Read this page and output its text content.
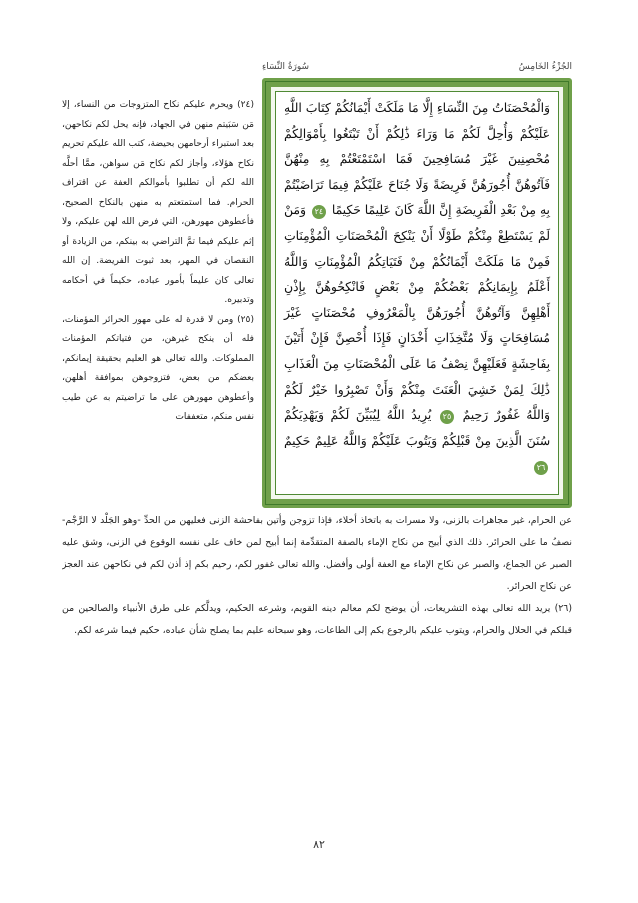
الجُزْءُ الخَامِسُ
سُورَةُ النِّسَاءِ
وَالْمُحْصَنَاتُ مِنَ النِّسَاءِ إِلَّا مَا مَلَكَتْ أَيْمَانُكُمْ كِتَابَ اللَّهِ عَلَيْكُمْ وَأُحِلَّ لَكُمْ مَا وَرَاءَ ذَٰلِكُمْ أَنْ تَبْتَغُوا بِأَمْوَالِكُمْ مُحْصِنِينَ غَيْرَ مُسَافِحِينَ فَمَا اسْتَمْتَعْتُمْ بِهِ مِنْهُنَّ فَآتُوهُنَّ أُجُورَهُنَّ فَرِيضَةً وَلَا جُنَاحَ عَلَيْكُمْ فِيمَا تَرَاضَيْتُمْ بِهِ مِنْ بَعْدِ الْفَرِيضَةِ إِنَّ اللَّهَ كَانَ عَلِيمًا حَكِيمًا ٢٤ وَمَنْ لَمْ يَسْتَطِعْ مِنْكُمْ طَوْلًا أَنْ يَنْكِحَ الْمُحْصَنَاتِ الْمُؤْمِنَاتِ فَمِنْ مَا مَلَكَتْ أَيْمَانُكُمْ مِنْ فَتَيَاتِكُمُ الْمُؤْمِنَاتِ وَاللَّهُ أَعْلَمُ بِإِيمَانِكُمْ بَعْضُكُمْ مِنْ بَعْضٍ فَانْكِحُوهُنَّ بِإِذْنِ أَهْلِهِنَّ وَآتُوهُنَّ أُجُورَهُنَّ بِالْمَعْرُوفِ مُحْصَنَاتٍ غَيْرَ مُسَافِحَاتٍ وَلَا مُتَّخِذَاتِ أَخْدَانٍ فَإِذَا أُحْصِنَّ فَإِنْ أَتَيْنَ بِفَاحِشَةٍ فَعَلَيْهِنَّ نِصْفُ مَا عَلَى الْمُحْصَنَاتِ مِنَ الْعَذَابِ ذَٰلِكَ لِمَنْ خَشِيَ الْعَنَتَ مِنْكُمْ وَأَنْ تَصْبِرُوا خَيْرٌ لَكُمْ وَاللَّهُ غَفُورٌ رَحِيمٌ ٢٥ يُرِيدُ اللَّهُ لِيُبَيِّنَ لَكُمْ وَيَهْدِيَكُمْ سُنَنَ الَّذِينَ مِنْ قَبْلِكُمْ وَيَتُوبَ عَلَيْكُمْ وَاللَّهُ عَلِيمٌ حَكِيمٌ ٢٦
(٢٤) ويحرم عليكم نكاح المتزوجات من النساء، إلا مَن سَبَيتم منهن في الجهاد، فإنه يحل لكم نكاحهن، بعد استبراء أرحامهن بحيضة، كتب الله عليكم تحريم نكاح هؤلاء، وأجاز لكم نكاح مَن سواهن، ممَّا أحلَّه الله لكم أن تطلبوا بأموالكم العفة عن اقتراف الحرام. فما استمتعتم به منهن بالنكاح الصحيح، فأعطوهن مهورهن، التي فرض الله لهن عليكم، ولا إثم عليكم فيما تمَّ التراضي به بينكم، من الزيادة أو النقصان في المهر، بعد ثبوت الفريضة. إن الله تعالى كان عليماً بأمور عباده، حكيماً في أحكامه وتدبيره.
(٢٥) ومن لا قدرة له على مهور الحرائر المؤمنات، فله أن ينكح غيرهن، من فتياتكم المؤمنات المملوكات. والله تعالى هو العليم بحقيقة إيمانكم، بعضكم من بعض، فتزوجوهن بموافقة أهلهن، وأعطوهن مهورهن على ما تراضيتم به عن طيب نفس منكم، متعففات

عن الحرام، غير مجاهرات بالزنى، ولا مسرات به باتخاذ أخلاء، فإذا تزوجن وأتين بفاحشة الزنى فعليهن من الحدِّ -وهو الجَلْد لا الرَّجْم- نصفُ ما على الحرائر. ذلك الذي أبيح من نكاح الإماء بالصفة المتقدِّمة إنما أبيح لمن خاف على نفسه الوقوع في الزنى، وشق عليه الصبر عن الجماع، والصبر عن نكاح الإماء مع العفة أولى وأفضل. والله تعالى غفور لكم، رحيم بكم إذ أذن لكم في نكاحهن عند العجز عن نكاح الحرائر.

(٢٦) يريد الله تعالى بهذه التشريعات، أن يوضح لكم معالم دينه القويم، وشرعه الحكيم، ويدلَّكم على طرق الأنبياء والصالحين من قبلكم في الحلال والحرام، ويتوب عليكم بالرجوع بكم إلى الطاعات، وهو سبحانه عليم بما يصلح شأن عباده، حكيم فيما شرعه لكم.

٨٢
